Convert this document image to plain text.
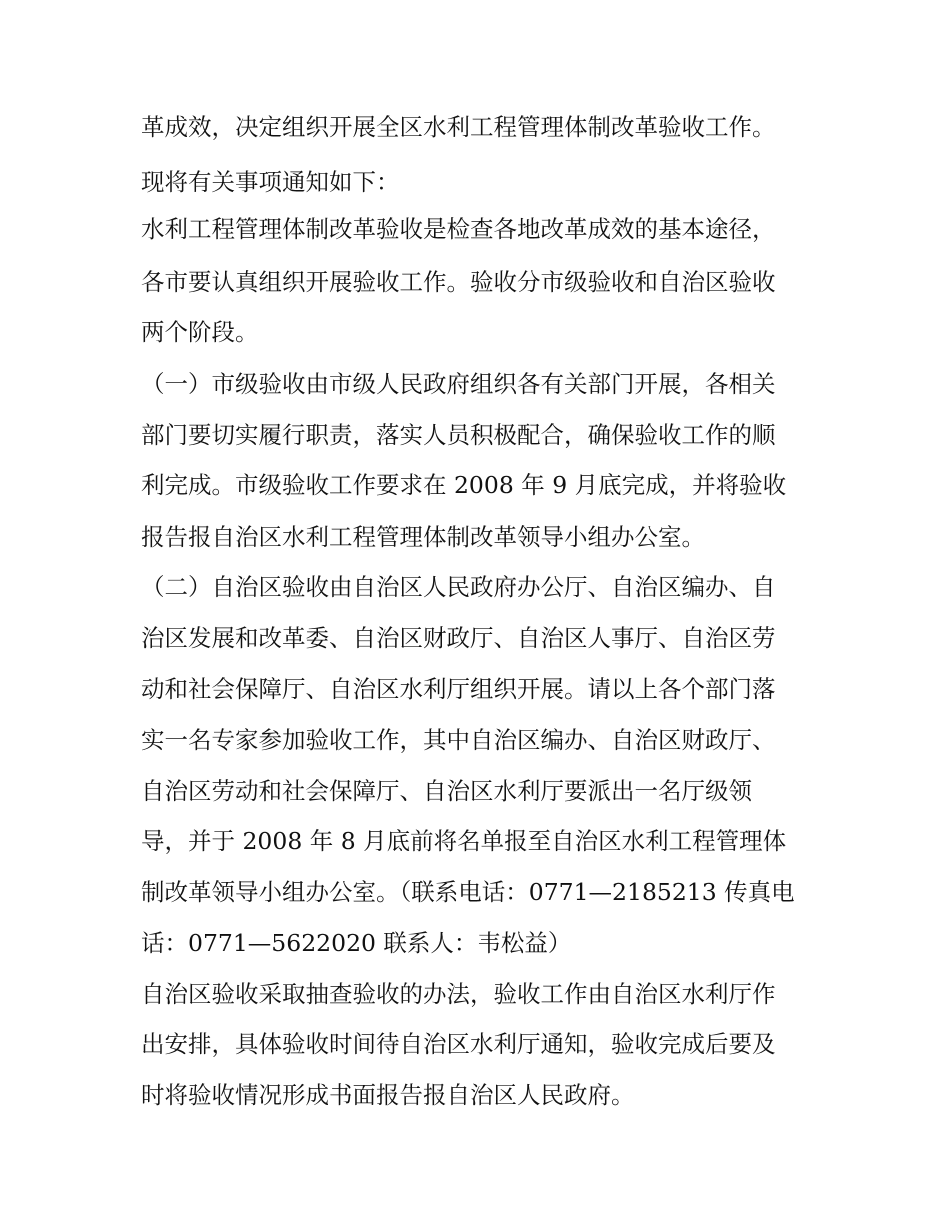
革成效，决定组织开展全区水利工程管理体制改革验收工作。
现将有关事项通知如下：
水利工程管理体制改革验收是检查各地改革成效的基本途径，
各市要认真组织开展验收工作。验收分市级验收和自治区验收
两个阶段。
（一）市级验收由市级人民政府组织各有关部门开展，各相关
部门要切实履行职责，落实人员积极配合，确保验收工作的顺
利完成。市级验收工作要求在 2008 年 9 月底完成，并将验收
报告报自治区水利工程管理体制改革领导小组办公室。
（二）自治区验收由自治区人民政府办公厅、自治区编办、自
治区发展和改革委、自治区财政厅、自治区人事厅、自治区劳
动和社会保障厅、自治区水利厅组织开展。请以上各个部门落
实一名专家参加验收工作，其中自治区编办、自治区财政厅、
自治区劳动和社会保障厅、自治区水利厅要派出一名厅级领
导，并于 2008 年 8 月底前将名单报至自治区水利工程管理体
制改革领导小组办公室。（联系电话：0771—2185213 传真电
话：0771—5622020 联系人：韦松益）
自治区验收采取抽查验收的办法，验收工作由自治区水利厅作
出安排，具体验收时间待自治区水利厅通知，验收完成后要及
时将验收情况形成书面报告报自治区人民政府。
